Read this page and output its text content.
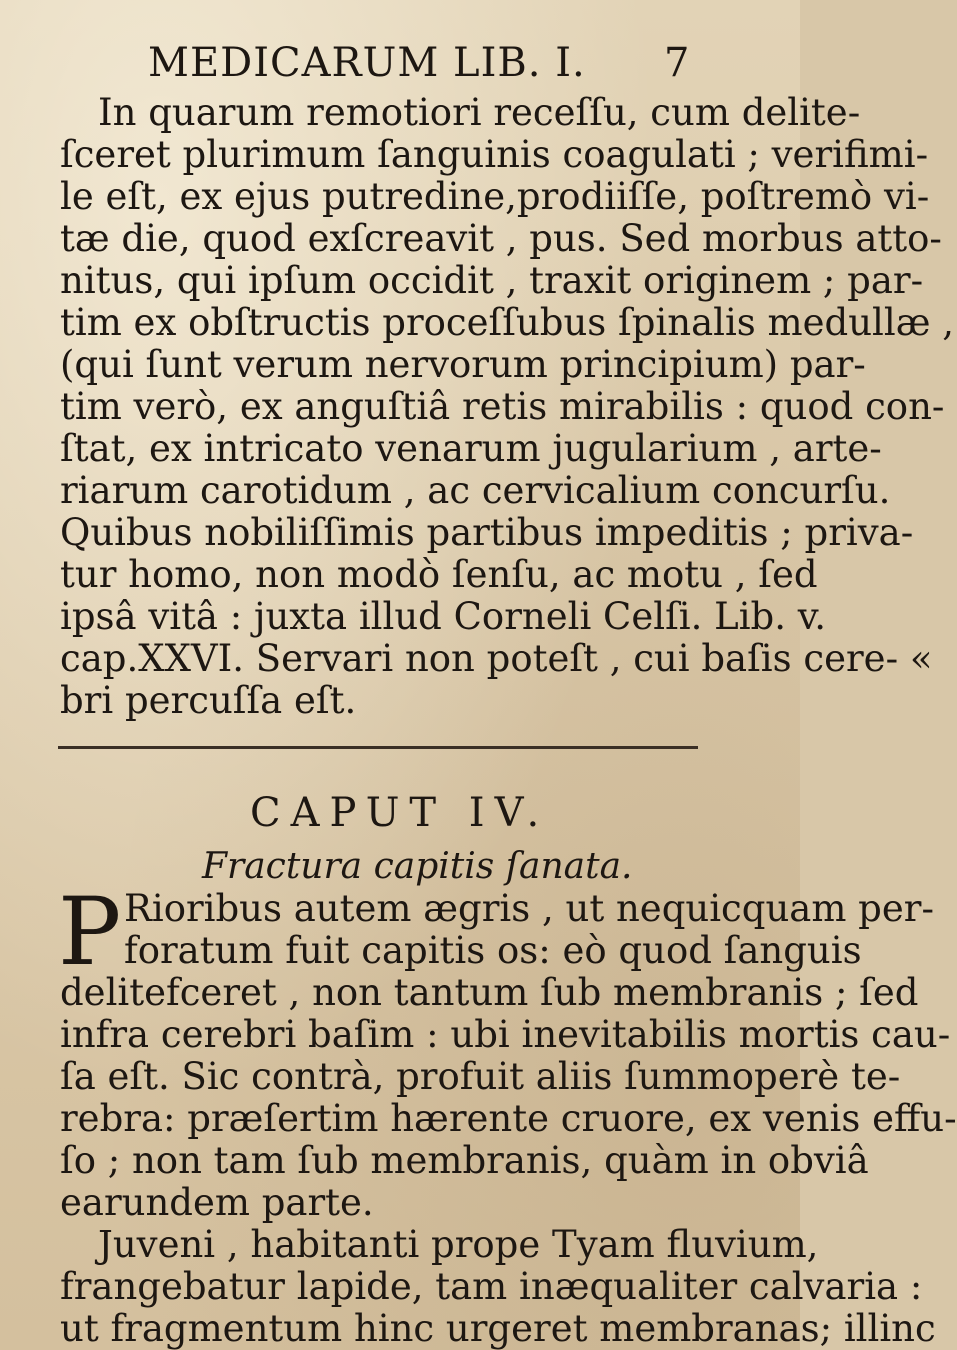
MEDICARUM LIB. I. 7
In quarum remotiori receſſu, cum delite-
ſceret plurimum ſanguinis coagulati ; verifimi-
le eſt, ex ejus putredine,prodiiſſe, poſtremò vi-
tæ die, quod exſcreavit , pus. Sed morbus atto-
nitus, qui ipſum occidit , traxit originem ; par-
tim ex obſtructis proceſſubus ſpinalis medullæ ,
(qui ſunt verum nervorum principium) par-
tim verò, ex anguſtiâ retis mirabilis : quod con-
ſtat, ex intricato venarum jugularium , arte-
riarum carotidum , ac cervicalium concurſu.
Quibus nobiliſſimis partibus impeditis ; priva-
tur homo, non modò ſenſu, ac motu , ſed
ipsâ vitâ : juxta illud Corneli Celſi. Lib. v.
cap.XXVI. Servari non poteſt , cui baſis cere- «
bri percuſſa eſt.
CAPUT IV.
Fractura capitis ſanata.
P Rioribus autem ægris , ut nequicquam per-
foratum fuit capitis os: eò quod ſanguis
delitefceret , non tantum ſub membranis ; ſed
infra cerebri baſim : ubi inevitabilis mortis cau-
ſa eſt. Sic contrà, profuit aliis ſummoperè te-
rebra: præſertim hærente cruore, ex venis effu-
ſo ; non tam ſub membranis, quàm in obviâ
earundem parte.
Juveni , habitanti prope Tyam fluvium,
frangebatur lapide, tam inæqualiter calvaria :
ut fragmentum hinc urgeret membranas; illinc
